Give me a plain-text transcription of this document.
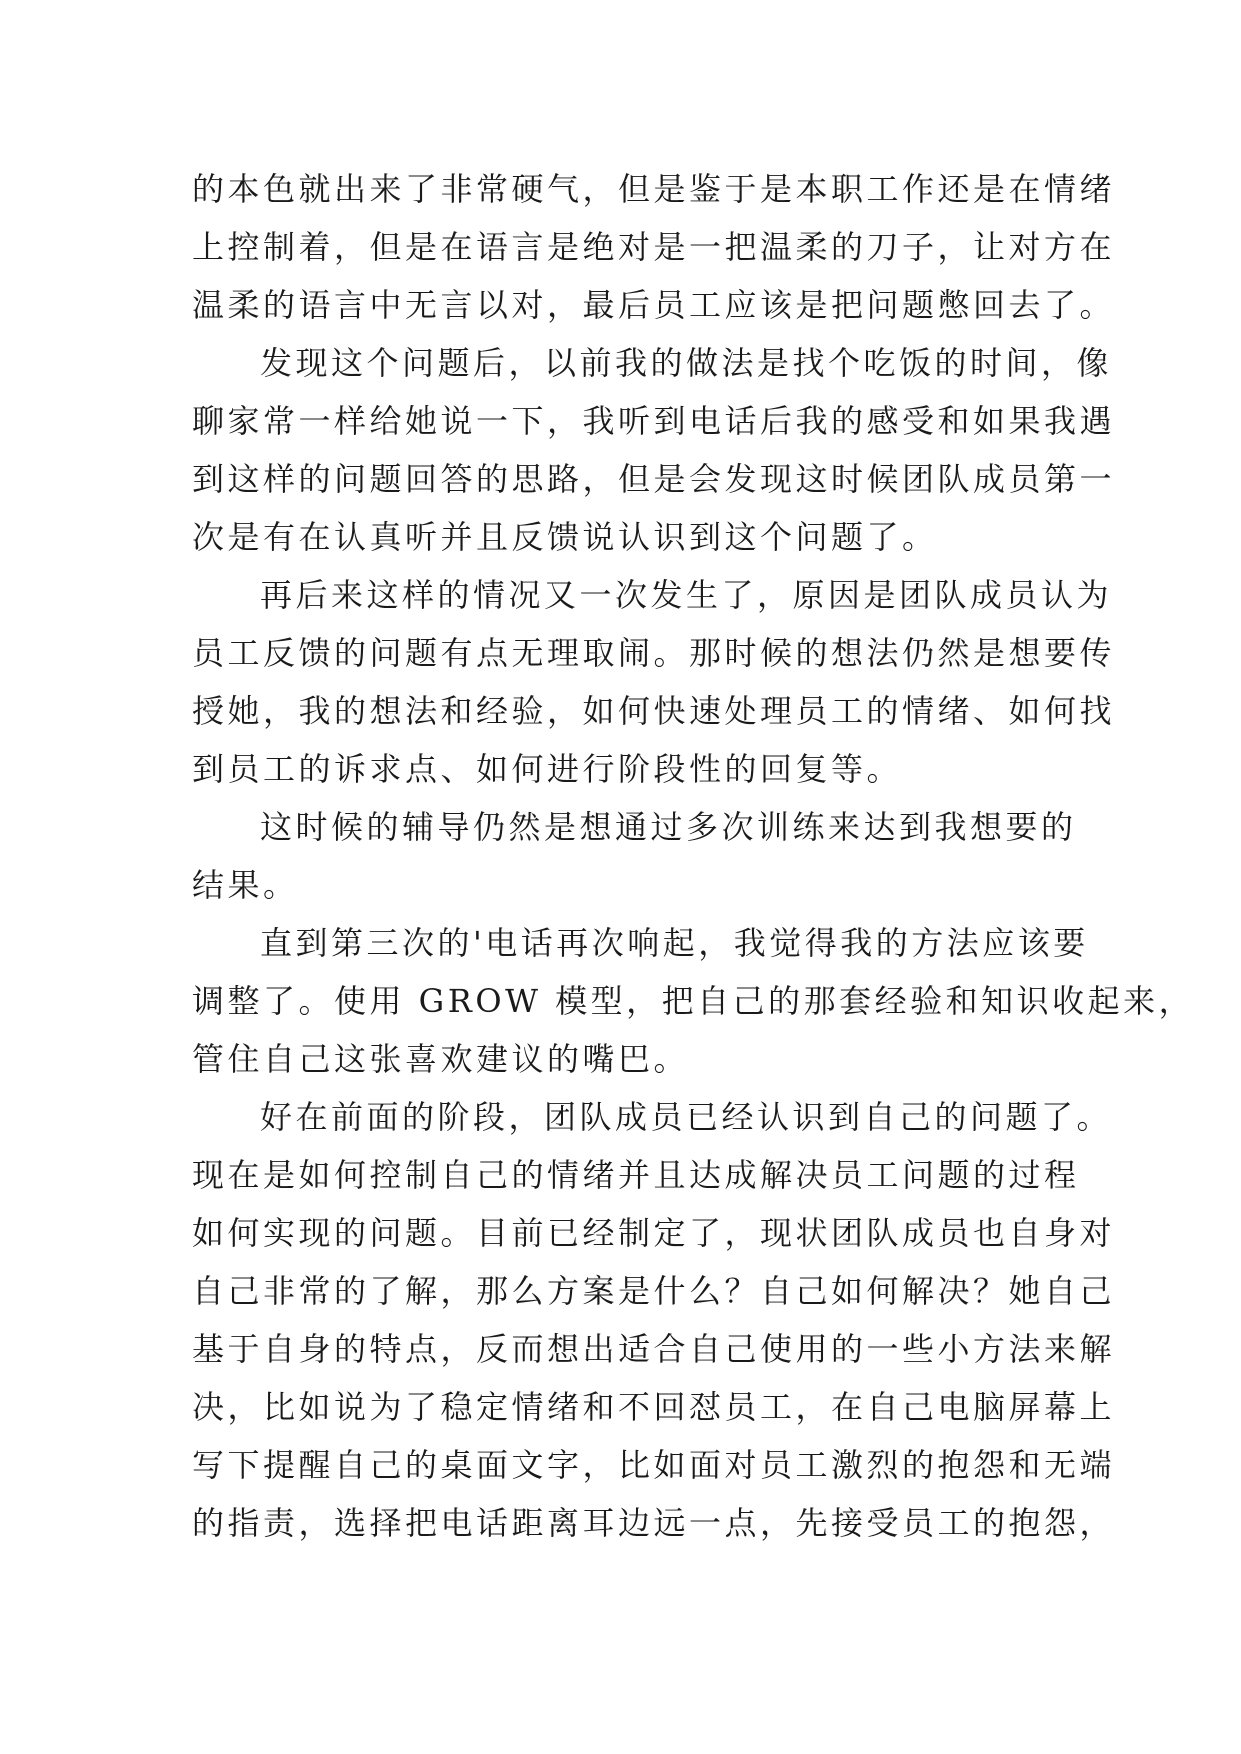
的本色就出来了非常硬气，但是鉴于是本职工作还是在情绪
上控制着，但是在语言是绝对是一把温柔的刀子，让对方在
温柔的语言中无言以对，最后员工应该是把问题憋回去了。

发现这个问题后，以前我的做法是找个吃饭的时间，像
聊家常一样给她说一下，我听到电话后我的感受和如果我遇
到这样的问题回答的思路，但是会发现这时候团队成员第一
次是有在认真听并且反馈说认识到这个问题了。

再后来这样的情况又一次发生了，原因是团队成员认为
员工反馈的问题有点无理取闹。那时候的想法仍然是想要传
授她，我的想法和经验，如何快速处理员工的情绪、如何找
到员工的诉求点、如何进行阶段性的回复等。

这时候的辅导仍然是想通过多次训练来达到我想要的
结果。

直到第三次的'电话再次响起，我觉得我的方法应该要
调整了。使用 GROW 模型，把自己的那套经验和知识收起来，
管住自己这张喜欢建议的嘴巴。

好在前面的阶段，团队成员已经认识到自己的问题了。
现在是如何控制自己的情绪并且达成解决员工问题的过程
如何实现的问题。目前已经制定了，现状团队成员也自身对
自己非常的了解，那么方案是什么？自己如何解决？她自己
基于自身的特点，反而想出适合自己使用的一些小方法来解
决，比如说为了稳定情绪和不回怼员工，在自己电脑屏幕上
写下提醒自己的桌面文字，比如面对员工激烈的抱怨和无端
的指责，选择把电话距离耳边远一点，先接受员工的抱怨，
